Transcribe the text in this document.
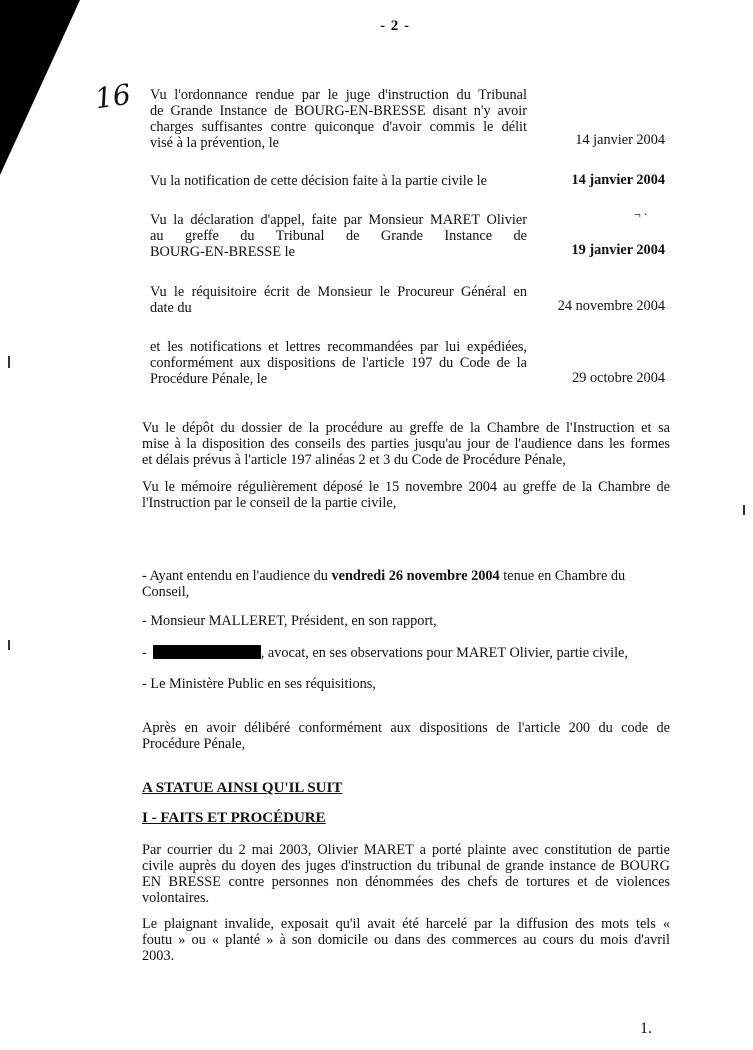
- 2 -
16
¬ ·
Vu l'ordonnance rendue par le juge d'instruction du Tribunal
de Grande Instance de BOURG-EN-BRESSE disant n'y avoir
charges suffisantes contre quiconque d'avoir commis le délit
visé à la prévention, le	14 janvier 2004
Vu la notification de cette décision faite à la partie civile le	14 janvier 2004
Vu la déclaration d'appel, faite par Monsieur MARET Olivier
au greffe du Tribunal de Grande Instance de
BOURG-EN-BRESSE le	19 janvier 2004
Vu le réquisitoire écrit de Monsieur le Procureur Général en
date du	24 novembre 2004
et les notifications et lettres recommandées par lui expédiées,
conformément aux dispositions de l'article 197 du Code de la
Procédure Pénale, le	29 octobre 2004
Vu le dépôt du dossier de la procédure au greffe de la Chambre de l'Instruction et sa
mise à la disposition des conseils des parties jusqu'au jour de l'audience dans les formes
et délais prévus à l'article 197 alinéas 2 et 3 du Code de Procédure Pénale,
Vu le mémoire régulièrement déposé le 15 novembre 2004 au greffe de la Chambre de
l'Instruction par le conseil de la partie civile,
- Ayant entendu en l'audience du vendredi 26 novembre 2004 tenue en Chambre du
Conseil,
- Monsieur MALLERET, Président, en son rapport,
-	, avocat, en ses observations pour MARET Olivier, partie civile,
- Le Ministère Public en ses réquisitions,
Après en avoir délibéré conformément aux dispositions de l'article 200 du code de
Procédure Pénale,
A STATUE AINSI QU'IL SUIT
I - FAITS ET PROCÉDURE
Par courrier du 2 mai 2003, Olivier MARET a porté plainte avec constitution de partie
civile auprès du doyen des juges d'instruction du tribunal de grande instance de BOURG
EN BRESSE contre personnes non dénommées des chefs de tortures et de violences
volontaires.
Le plaignant invalide, exposait qu'il avait été harcelé par la diffusion des mots tels «
foutu » ou « planté » à son domicile ou dans des commerces au cours du mois d'avril
2003.
1.
